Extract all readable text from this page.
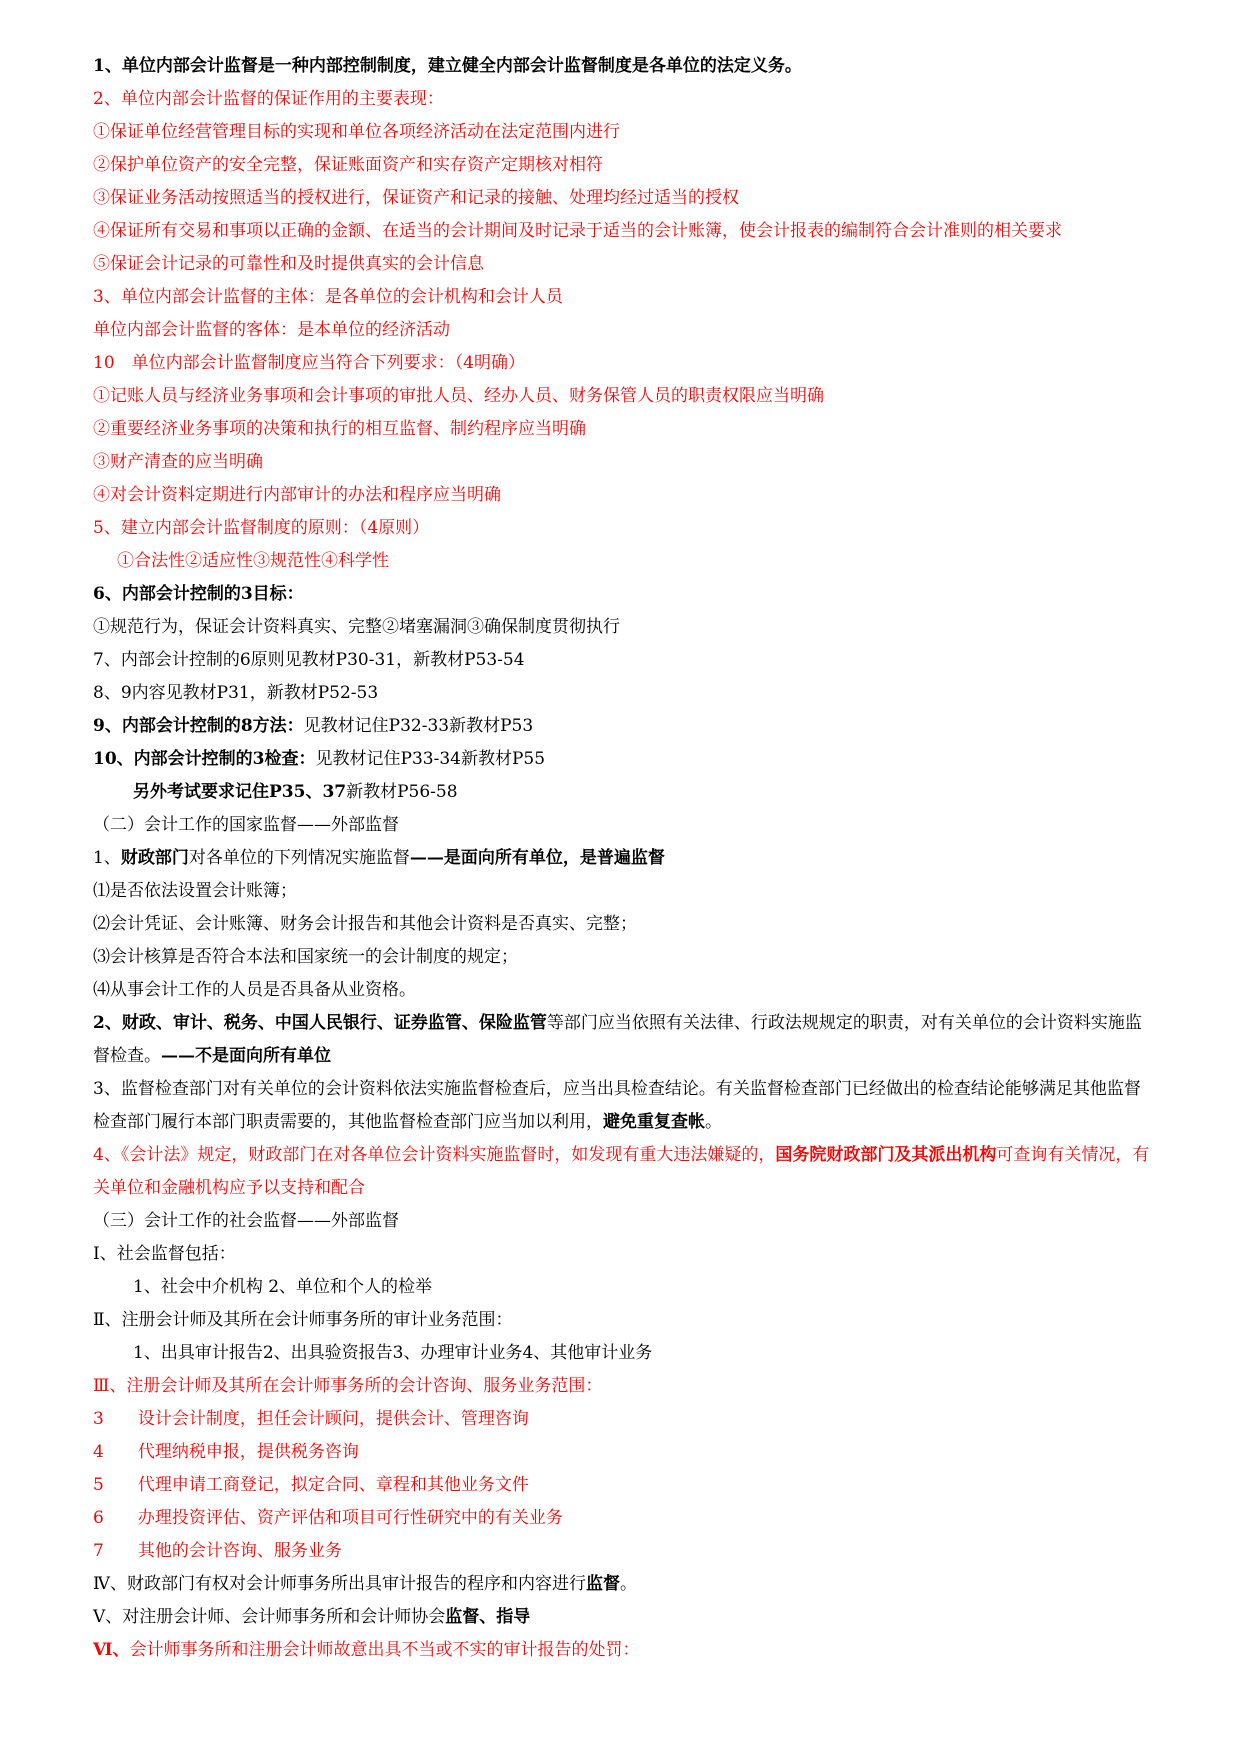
1、单位内部会计监督是一种内部控制制度，建立健全内部会计监督制度是各单位的法定义务。

2、单位内部会计监督的保证作用的主要表现：

①保证单位经营管理目标的实现和单位各项经济活动在法定范围内进行

②保护单位资产的安全完整，保证账面资产和实存资产定期核对相符

③保证业务活动按照适当的授权进行，保证资产和记录的接触、处理均经过适当的授权

④保证所有交易和事项以正确的金额、在适当的会计期间及时记录于适当的会计账簿，使会计报表的编制符合会计准则的相关要求

⑤保证会计记录的可靠性和及时提供真实的会计信息

3、单位内部会计监督的主体：是各单位的会计机构和会计人员

单位内部会计监督的客体：是本单位的经济活动

10　单位内部会计监督制度应当符合下列要求：（4明确）

①记账人员与经济业务事项和会计事项的审批人员、经办人员、财务保管人员的职责权限应当明确

②重要经济业务事项的决策和执行的相互监督、制约程序应当明确

③财产清查的应当明确

④对会计资料定期进行内部审计的办法和程序应当明确

5、建立内部会计监督制度的原则：（4原则）

①合法性②适应性③规范性④科学性

6、内部会计控制的3目标：

①规范行为，保证会计资料真实、完整②堵塞漏洞③确保制度贯彻执行

7、内部会计控制的6原则见教材P30-31，新教材P53-54

8、9内容见教材P31，新教材P52-53

9、内部会计控制的8方法：见教材记住P32-33新教材P53

10、内部会计控制的3检查：见教材记住P33-34新教材P55

另外考试要求记住P35、37新教材P56-58

（二）会计工作的国家监督——外部监督

1、财政部门对各单位的下列情况实施监督——是面向所有单位，是普遍监督

⑴是否依法设置会计账簿；

⑵会计凭证、会计账簿、财务会计报告和其他会计资料是否真实、完整；

⑶会计核算是否符合本法和国家统一的会计制度的规定；

⑷从事会计工作的人员是否具备从业资格。

2、财政、审计、税务、中国人民银行、证券监管、保险监管等部门应当依照有关法律、行政法规规定的职责，对有关单位的会计资料实施监督检查。——不是面向所有单位

3、监督检查部门对有关单位的会计资料依法实施监督检查后，应当出具检查结论。有关监督检查部门已经做出的检查结论能够满足其他监督检查部门履行本部门职责需要的，其他监督检查部门应当加以利用，避免重复查帐。

4、《会计法》规定，财政部门在对各单位会计资料实施监督时，如发现有重大违法嫌疑的，国务院财政部门及其派出机构可查询有关情况，有关单位和金融机构应予以支持和配合

（三）会计工作的社会监督——外部监督

Ⅰ、社会监督包括：

1、社会中介机构 2、单位和个人的检举

Ⅱ、注册会计师及其所在会计师事务所的审计业务范围：

1、出具审计报告2、出具验资报告3、办理审计业务4、其他审计业务

Ⅲ、注册会计师及其所在会计师事务所的会计咨询、服务业务范围：

3　　设计会计制度，担任会计顾问，提供会计、管理咨询

4　　代理纳税申报，提供税务咨询

5　　代理申请工商登记，拟定合同、章程和其他业务文件

6　　办理投资评估、资产评估和项目可行性研究中的有关业务

7　　其他的会计咨询、服务业务

Ⅳ、财政部门有权对会计师事务所出具审计报告的程序和内容进行监督。

Ⅴ、对注册会计师、会计师事务所和会计师协会监督、指导

Ⅵ、会计师事务所和注册会计师故意出具不当或不实的审计报告的处罚：
